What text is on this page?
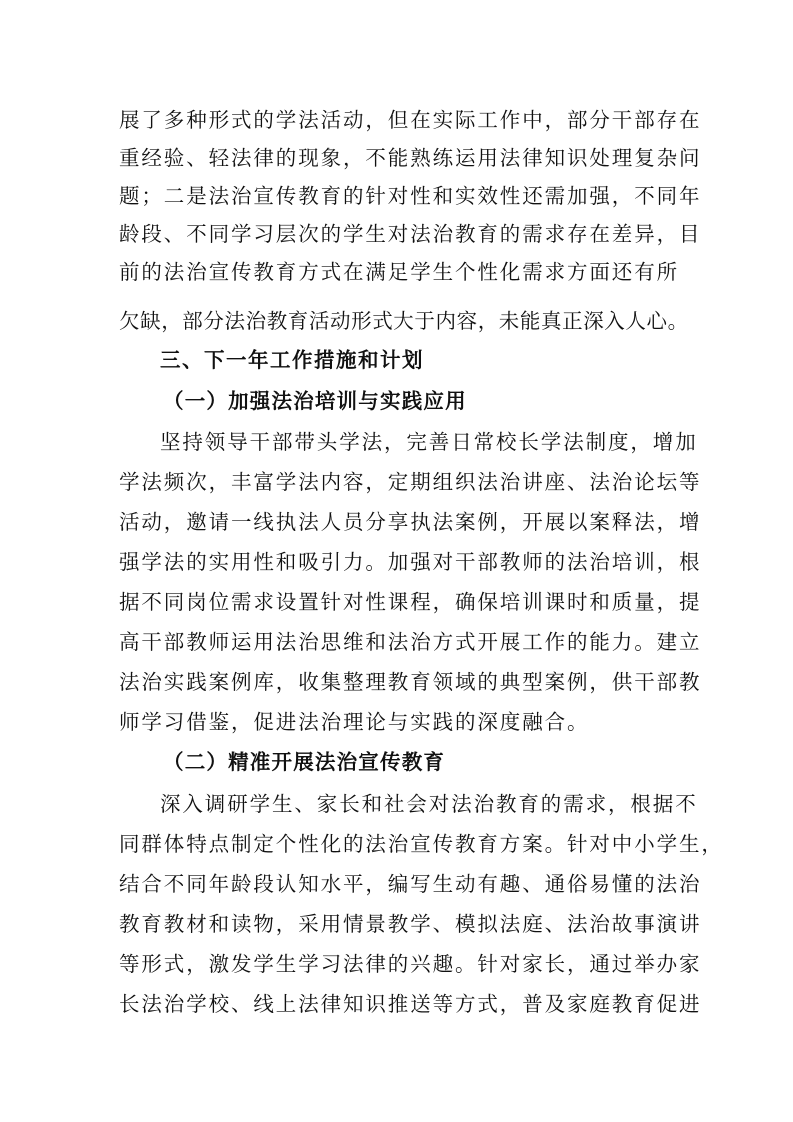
展了多种形式的学法活动，但在实际工作中，部分干部存在
重经验、轻法律的现象，不能熟练运用法律知识处理复杂问
题；二是法治宣传教育的针对性和实效性还需加强，不同年
龄段、不同学习层次的学生对法治教育的需求存在差异，目
前的法治宣传教育方式在满足学生个性化需求方面还有所
欠缺，部分法治教育活动形式大于内容，未能真正深入人心。
三、下一年工作措施和计划
（一）加强法治培训与实践应用
坚持领导干部带头学法，完善日常校长学法制度，增加
学法频次，丰富学法内容，定期组织法治讲座、法治论坛等
活动，邀请一线执法人员分享执法案例，开展以案释法，增
强学法的实用性和吸引力。加强对干部教师的法治培训，根
据不同岗位需求设置针对性课程，确保培训课时和质量，提
高干部教师运用法治思维和法治方式开展工作的能力。建立
法治实践案例库，收集整理教育领域的典型案例，供干部教
师学习借鉴，促进法治理论与实践的深度融合。
（二）精准开展法治宣传教育
深入调研学生、家长和社会对法治教育的需求，根据不
同群体特点制定个性化的法治宣传教育方案。针对中小学生，
结合不同年龄段认知水平，编写生动有趣、通俗易懂的法治
教育教材和读物，采用情景教学、模拟法庭、法治故事演讲
等形式，激发学生学习法律的兴趣。针对家长，通过举办家
长法治学校、线上法律知识推送等方式，普及家庭教育促进
